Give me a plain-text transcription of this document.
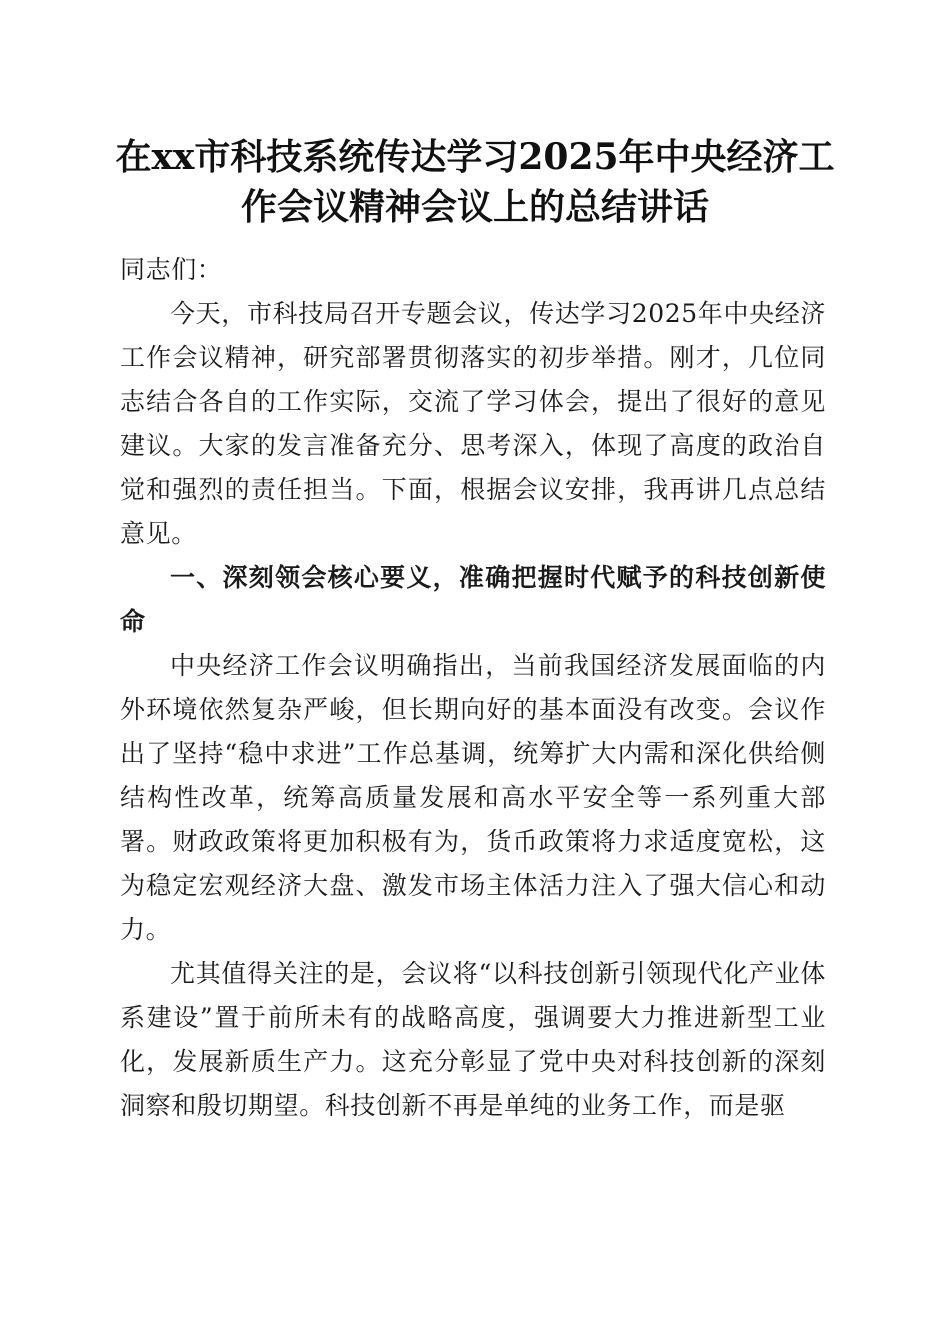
在xx市科技系统传达学习2025年中央经济工作会议精神会议上的总结讲话

同志们：

今天，市科技局召开专题会议，传达学习2025年中央经济工作会议精神，研究部署贯彻落实的初步举措。刚才，几位同志结合各自的工作实际，交流了学习体会，提出了很好的意见建议。大家的发言准备充分、思考深入，体现了高度的政治自觉和强烈的责任担当。下面，根据会议安排，我再讲几点总结意见。

一、深刻领会核心要义，准确把握时代赋予的科技创新使命

中央经济工作会议明确指出，当前我国经济发展面临的内外环境依然复杂严峻，但长期向好的基本面没有改变。会议作出了坚持“稳中求进”工作总基调，统筹扩大内需和深化供给侧结构性改革，统筹高质量发展和高水平安全等一系列重大部署。财政政策将更加积极有为，货币政策将力求适度宽松，这为稳定宏观经济大盘、激发市场主体活力注入了强大信心和动力。

尤其值得关注的是，会议将“以科技创新引领现代化产业体系建设”置于前所未有的战略高度，强调要大力推进新型工业化，发展新质生产力。这充分彰显了党中央对科技创新的深刻洞察和殷切期望。科技创新不再是单纯的业务工作，而是驱
